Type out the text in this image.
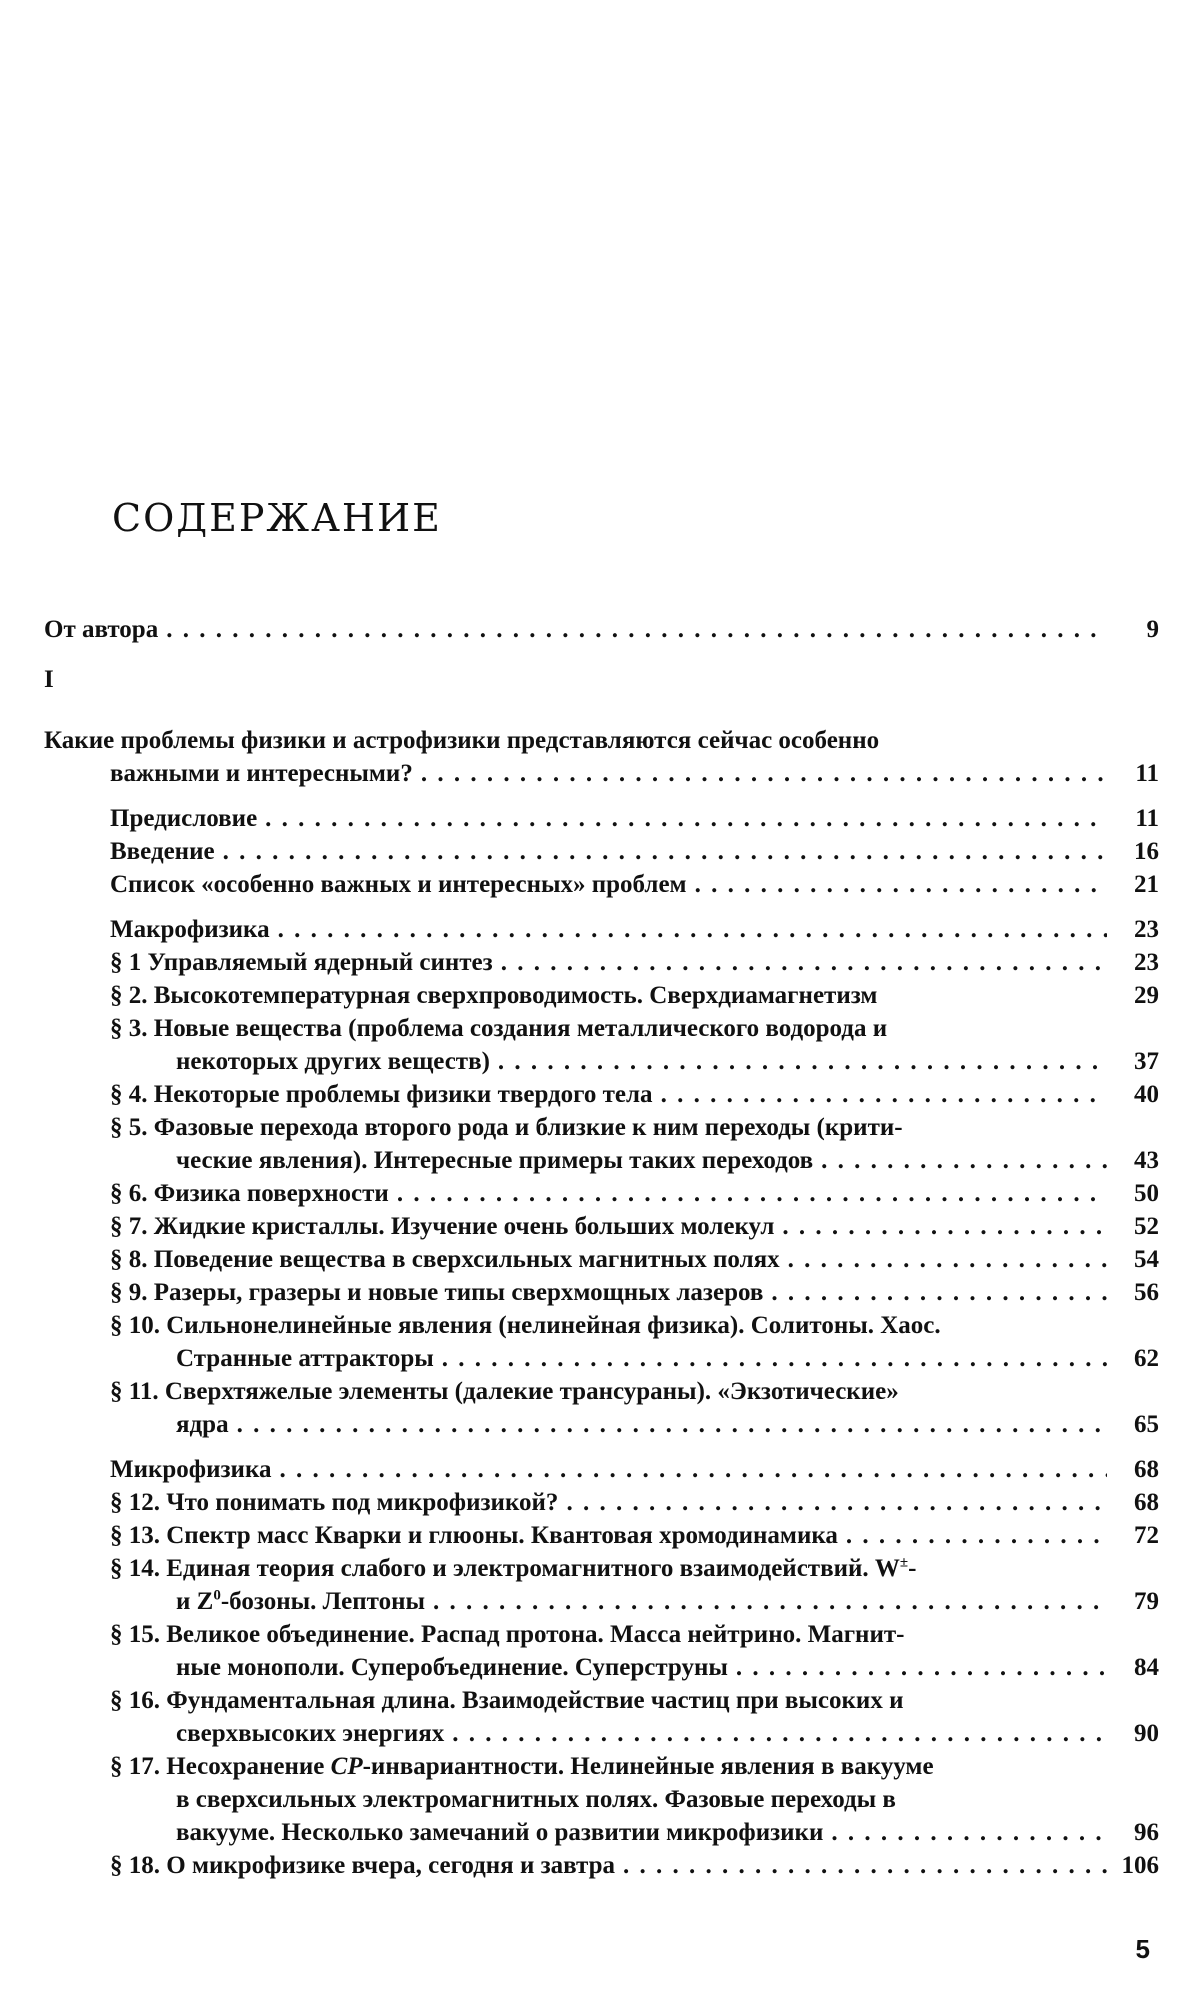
СОДЕРЖАНИЕ
От автора . . .	9
I
Какие проблемы физики и астрофизики представляются сейчас особенно
важными и интересными? . . .	11
Предисловие . . .	11
Введение . . .	16
Список «особенно важных и интересных» проблем . . .	21
Макрофизика . . .	23
§ 1 Управляемый ядерный синтез . . .	23
§ 2. Высокотемпературная сверхпроводимость. Сверхдиамагнетизм	29
§ 3. Новые вещества (проблема создания металлического водорода и
некоторых других веществ) . . .	37
§ 4. Некоторые проблемы физики твердого тела . . .	40
§ 5. Фазовые перехода второго рода и близкие к ним переходы (крити-
ческие явления). Интересные примеры таких переходов . . .	43
§ 6. Физика поверхности . . .	50
§ 7. Жидкие кристаллы. Изучение очень больших молекул . . .	52
§ 8. Поведение вещества в сверхсильных магнитных полях . . .	54
§ 9. Разеры, гразеры и новые типы сверхмощных лазеров . . .	56
§ 10. Сильнонелинейные явления (нелинейная физика). Солитоны. Хаос.
Странные аттракторы . . .	62
§ 11. Сверхтяжелые элементы (далекие трансураны). «Экзотические»
ядра . . .	65
Микрофизика . . .	68
§ 12. Что понимать под микрофизикой? . . .	68
§ 13. Спектр масс Кварки и глюоны. Квантовая хромодинамика . . .	72
§ 14. Единая теория слабого и электромагнитного взаимодействий. W±-
и $Z^0$-бозоны. Лептоны . . .	79
§ 15. Великое объединение. Распад протона. Масса нейтрино. Магнит-
ные монополи. Суперобъединение. Суперструны . . .	84
§ 16. Фундаментальная длина. Взаимодействие частиц при высоких и
сверхвысоких энергиях . . .	90
§ 17. Несохранение CP-инвариантности. Нелинейные явления в вакууме
в сверхсильных электромагнитных полях. Фазовые переходы в
вакууме. Несколько замечаний о развитии микрофизики . . .	96
§ 18. О микрофизике вчера, сегодня и завтра . . .	106
5
